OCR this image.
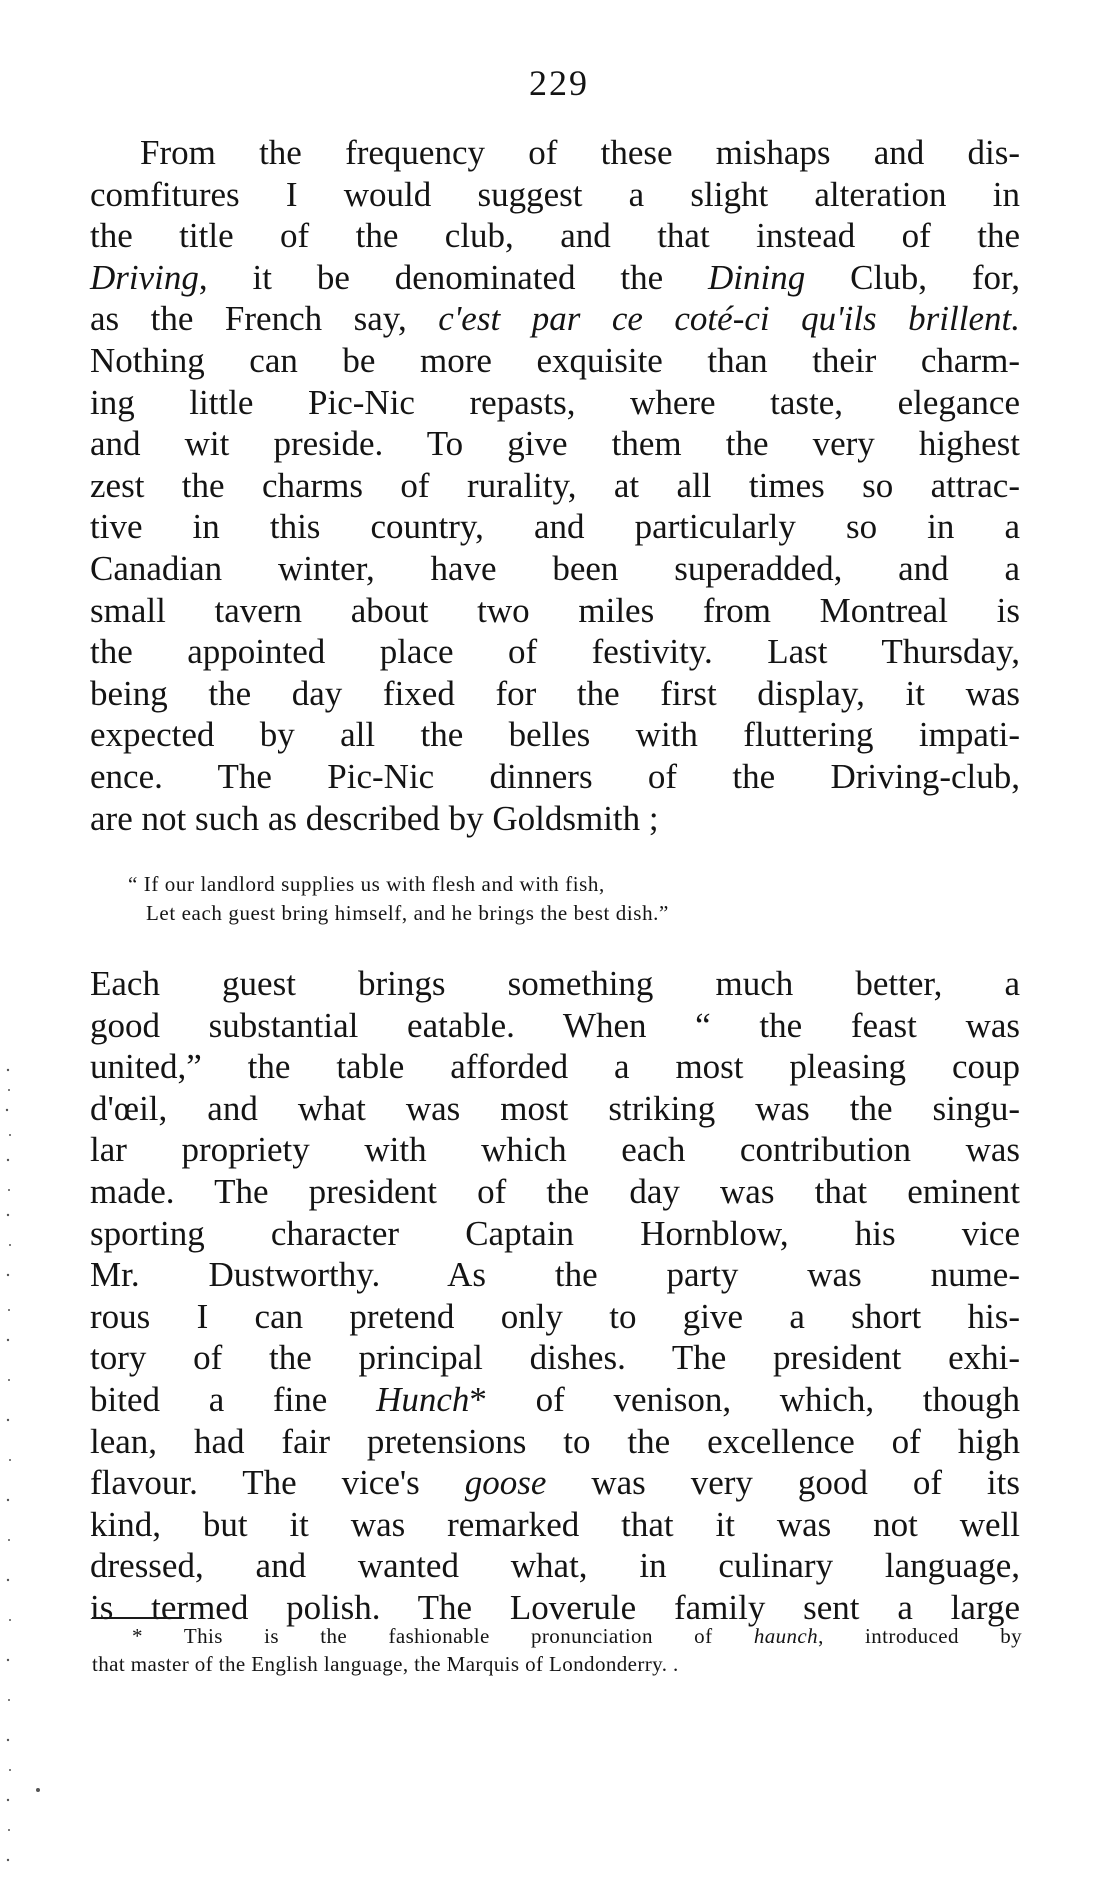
229
From the frequency of these mishaps and dis-
comfitures I would suggest a slight alteration in
the title of the club, and that instead of the
Driving, it be denominated the Dining Club, for,
as the French say, c'est par ce coté-ci qu'ils brillent.
Nothing can be more exquisite than their charm-
ing little Pic-Nic repasts, where taste, elegance
and wit preside. To give them the very highest
zest the charms of rurality, at all times so attrac-
tive in this country, and particularly so in a
Canadian winter, have been superadded, and a
small tavern about two miles from Montreal is
the appointed place of festivity. Last Thursday,
being the day fixed for the first display, it was
expected by all the belles with fluttering impati-
ence. The Pic-Nic dinners of the Driving-club,
are not such as described by Goldsmith ;
“ If our landlord supplies us with flesh and with fish,
Let each guest bring himself, and he brings the best dish.”
Each guest brings something much better, a
good substantial eatable. When “ the feast was
united,” the table afforded a most pleasing coup
d'œil, and what was most striking was the singu-
lar propriety with which each contribution was
made. The president of the day was that eminent
sporting character Captain Hornblow, his vice
Mr. Dustworthy. As the party was nume-
rous I can pretend only to give a short his-
tory of the principal dishes. The president exhi-
bited a fine Hunch* of venison, which, though
lean, had fair pretensions to the excellence of high
flavour. The vice's goose was very good of its
kind, but it was remarked that it was not well
dressed, and wanted what, in culinary language,
is termed polish. The Loverule family sent a large
* This is the fashionable pronunciation of haunch, introduced by
that master of the English language, the Marquis of Londonderry. .
